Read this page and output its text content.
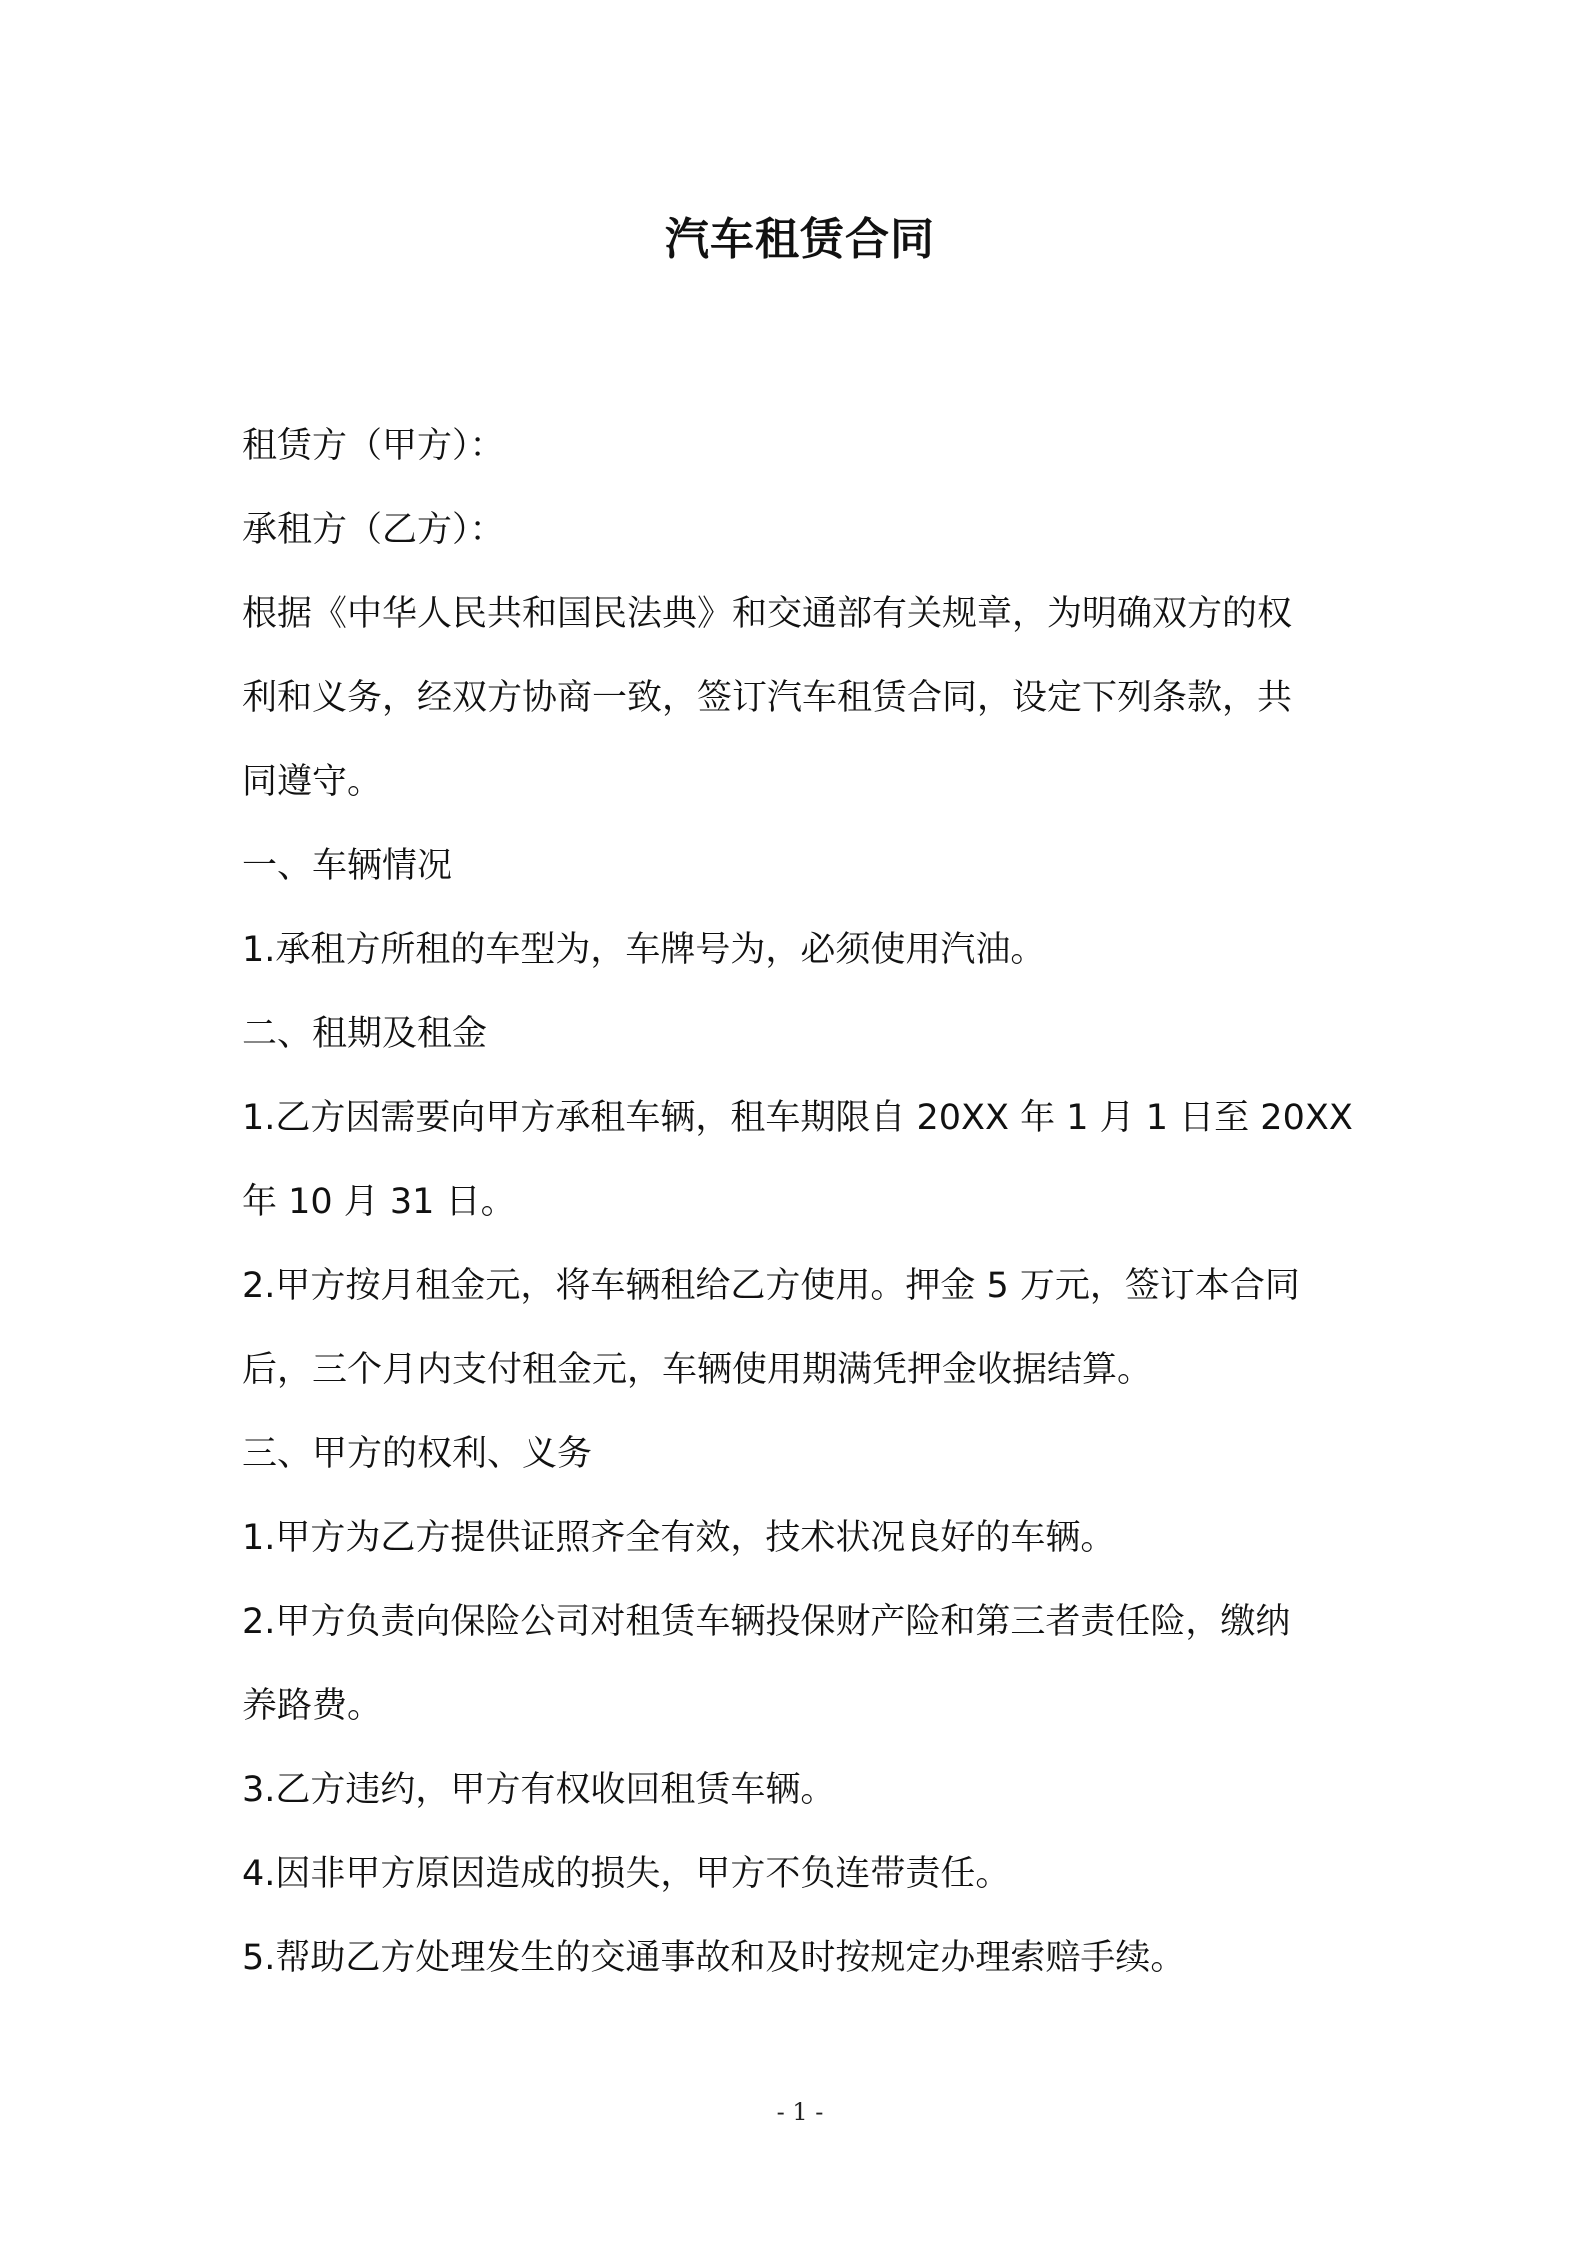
汽车租赁合同
租赁方（甲方）：
承租方（乙方）：
根据《中华人民共和国民法典》和交通部有关规章，为明确双方的权
利和义务，经双方协商一致，签订汽车租赁合同，设定下列条款，共
同遵守。
一、车辆情况
1.承租方所租的车型为，车牌号为，必须使用汽油。
二、租期及租金
1.乙方因需要向甲方承租车辆，租车期限自 20XX 年 1 月 1 日至 20XX
年 10 月 31 日。
2.甲方按月租金元，将车辆租给乙方使用。押金 5 万元，签订本合同
后，三个月内支付租金元，车辆使用期满凭押金收据结算。
三、甲方的权利、义务
1.甲方为乙方提供证照齐全有效，技术状况良好的车辆。
2.甲方负责向保险公司对租赁车辆投保财产险和第三者责任险，缴纳
养路费。
3.乙方违约，甲方有权收回租赁车辆。
4.因非甲方原因造成的损失，甲方不负连带责任。
5.帮助乙方处理发生的交通事故和及时按规定办理索赔手续。
- 1 -
